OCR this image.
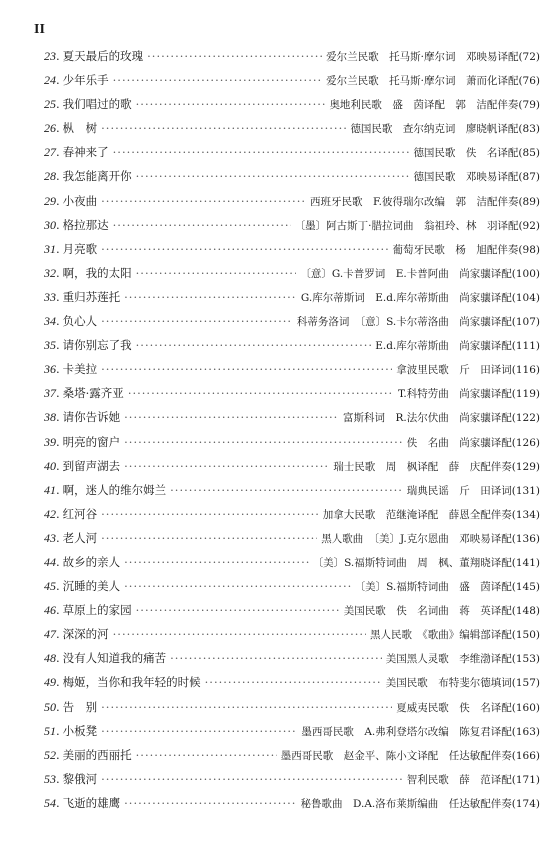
II
23 . 夏天最后的玫瑰 ·····	爱尔兰民歌　托马斯·摩尔词　邓映易译配(72)
24 . 少年乐手 ·····	爱尔兰民歌　托马斯·摩尔词　萧而化译配(76)
25 . 我们唱过的歌 ·····	奥地利民歌　盛　茵译配　郭　洁配伴奏(79)
26 . 枞　树 ·····	德国民歌　查尔纳克词　廖晓帆译配(83)
27 . 春神来了 ·····	德国民歌　佚　名译配(85)
28 . 我怎能离开你 ·····	德国民歌　邓映易译配(87)
29 . 小夜曲 ·····	西班牙民歌　F.彼得瑞尔改编　郭　洁配伴奏(89)
30 . 格拉那达 ·····	〔墨〕阿古斯丁·腊拉词曲　翁祖玲、林　羽译配(92)
31 . 月亮歌 ·····	葡萄牙民歌　杨　旭配伴奏(98)
32 . 啊，我的太阳 ·····	〔意〕G.卡普罗词　E.卡普阿曲　尚家骧译配(100)
33 . 重归苏莲托 ·····	G.库尔蒂斯词　E.d.库尔蒂斯曲　尚家骧译配(104)
34 . 负心人 ·····	科蒂务洛词　〔意〕S.卡尔蒂洛曲　尚家骧译配(107)
35 . 请你别忘了我 ·····	E.d.库尔蒂斯曲　尚家骧译配(111)
36 . 卡美拉 ·····	拿波里民歌　斤　田译词(116)
37 . 桑塔·露齐亚 ·····	T.科特劳曲　尚家骧译配(119)
38 . 请你告诉她 ·····	富斯科词　R.法尔伏曲　尚家骧译配(122)
39 . 明亮的窗户 ·····	佚　名曲　尚家骧译配(126)
40 . 到留声湖去 ·····	瑞士民歌　周　枫译配　薛　庆配伴奏(129)
41 . 啊，迷人的维尔姆兰 ·····	瑞典民谣　斤　田译词(131)
42 . 红河谷 ·····	加拿大民歌　范继淹译配　薛恩全配伴奏(134)
43 . 老人河 ·····	黑人歌曲　〔美〕J.克尔恩曲　邓映易译配(136)
44 . 故乡的亲人 ·····	〔美〕S.福斯特词曲　周　枫、董翔晓译配(141)
45 . 沉睡的美人 ·····	〔美〕S.福斯特词曲　盛　茵译配(145)
46 . 草原上的家园 ·····	美国民歌　佚　名词曲　蒋　英译配(148)
47 . 深深的河 ·····	黑人民歌　《歌曲》编辑部译配(150)
48 . 没有人知道我的痛苦 ·····	美国黑人灵歌　李维渤译配(153)
49 . 梅姬，当你和我年轻的时候 ·····	美国民歌　布特斐尔德填词(157)
50 . 告　别 ·····	夏威夷民歌　佚　名译配(160)
51 . 小板凳 ·····	墨西哥民歌　A.弗利登塔尔改编　陈复君译配(163)
52 . 美丽的西丽托 ·····	墨西哥民歌　赵金平、陈小文译配　任达敏配伴奏(166)
53 . 黎俄河 ·····	智利民歌　薛　范译配(171)
54 . 飞逝的雄鹰 ·····	秘鲁歌曲　D.A.洛布莱斯编曲　任达敏配伴奏(174)
